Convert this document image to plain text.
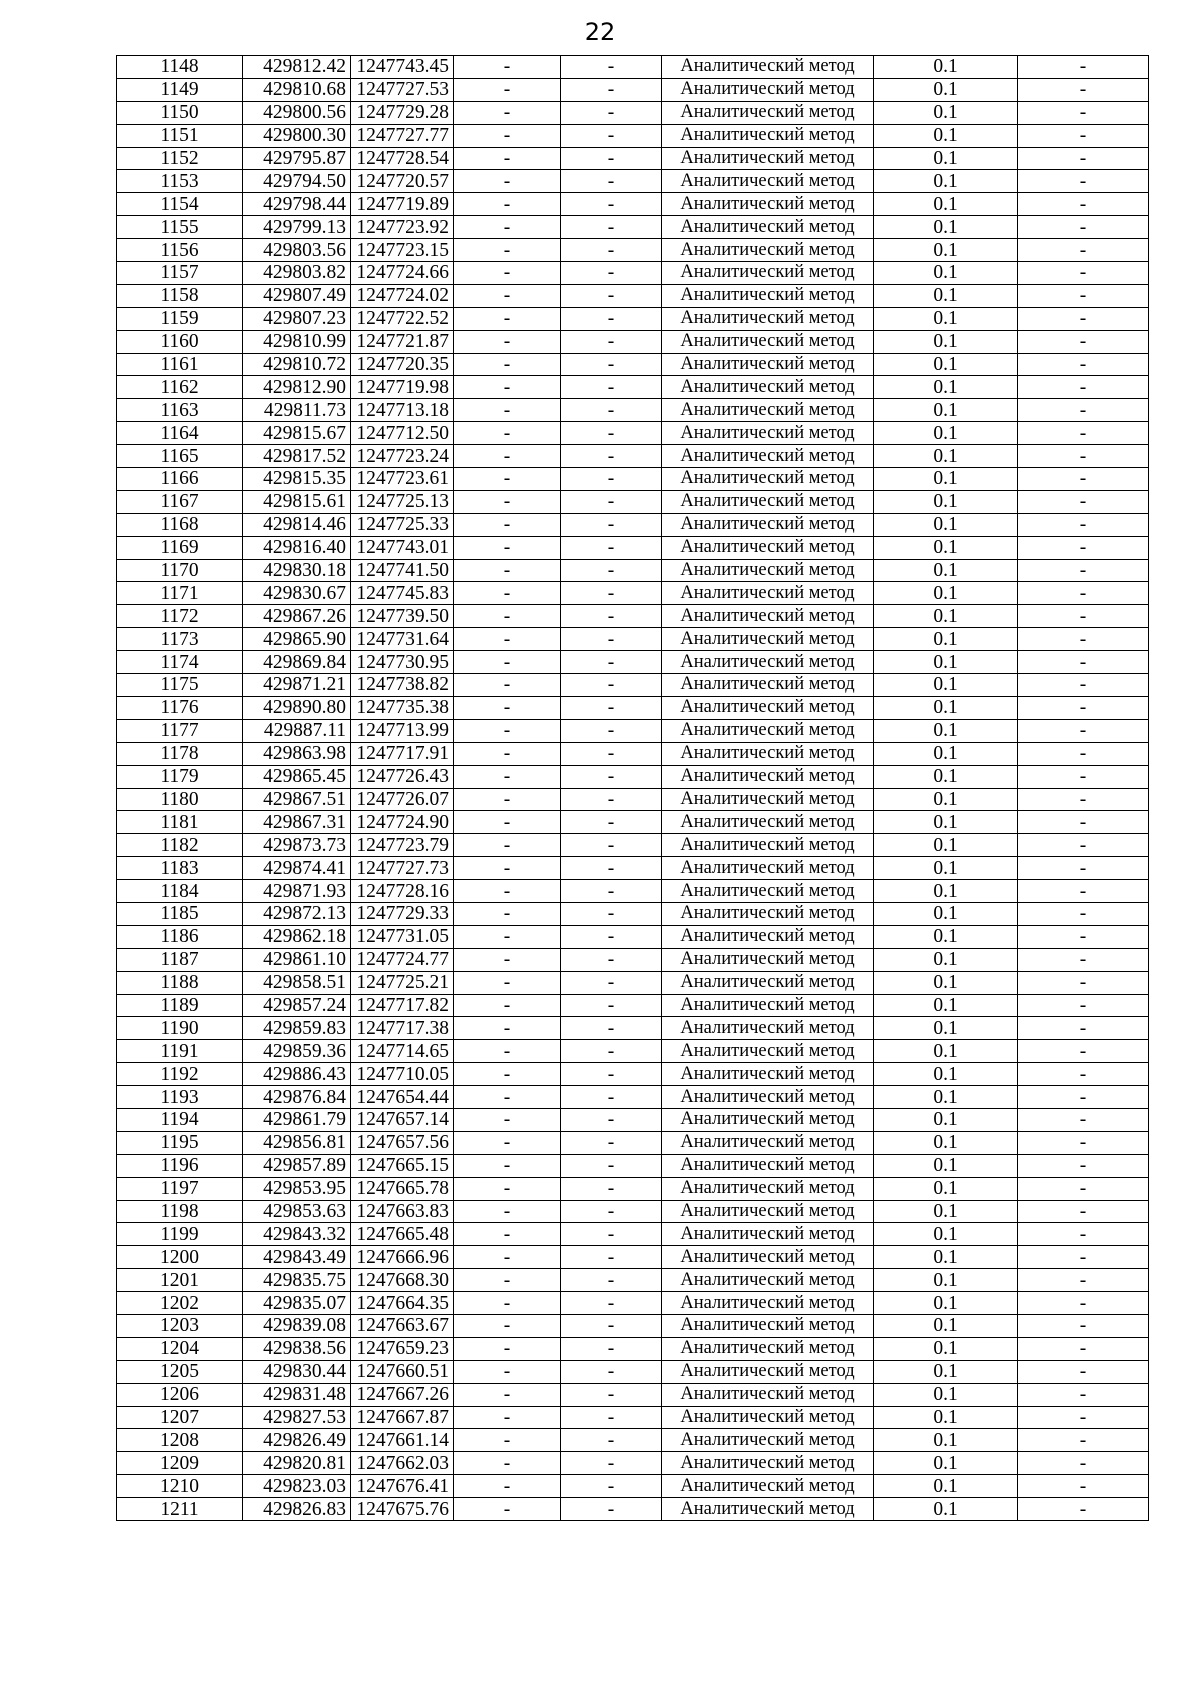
22
1148	429812.42	1247743.45	-	-	Аналитический метод	0.1	-
1149	429810.68	1247727.53	-	-	Аналитический метод	0.1	-
1150	429800.56	1247729.28	-	-	Аналитический метод	0.1	-
1151	429800.30	1247727.77	-	-	Аналитический метод	0.1	-
1152	429795.87	1247728.54	-	-	Аналитический метод	0.1	-
1153	429794.50	1247720.57	-	-	Аналитический метод	0.1	-
1154	429798.44	1247719.89	-	-	Аналитический метод	0.1	-
1155	429799.13	1247723.92	-	-	Аналитический метод	0.1	-
1156	429803.56	1247723.15	-	-	Аналитический метод	0.1	-
1157	429803.82	1247724.66	-	-	Аналитический метод	0.1	-
1158	429807.49	1247724.02	-	-	Аналитический метод	0.1	-
1159	429807.23	1247722.52	-	-	Аналитический метод	0.1	-
1160	429810.99	1247721.87	-	-	Аналитический метод	0.1	-
1161	429810.72	1247720.35	-	-	Аналитический метод	0.1	-
1162	429812.90	1247719.98	-	-	Аналитический метод	0.1	-
1163	429811.73	1247713.18	-	-	Аналитический метод	0.1	-
1164	429815.67	1247712.50	-	-	Аналитический метод	0.1	-
1165	429817.52	1247723.24	-	-	Аналитический метод	0.1	-
1166	429815.35	1247723.61	-	-	Аналитический метод	0.1	-
1167	429815.61	1247725.13	-	-	Аналитический метод	0.1	-
1168	429814.46	1247725.33	-	-	Аналитический метод	0.1	-
1169	429816.40	1247743.01	-	-	Аналитический метод	0.1	-
1170	429830.18	1247741.50	-	-	Аналитический метод	0.1	-
1171	429830.67	1247745.83	-	-	Аналитический метод	0.1	-
1172	429867.26	1247739.50	-	-	Аналитический метод	0.1	-
1173	429865.90	1247731.64	-	-	Аналитический метод	0.1	-
1174	429869.84	1247730.95	-	-	Аналитический метод	0.1	-
1175	429871.21	1247738.82	-	-	Аналитический метод	0.1	-
1176	429890.80	1247735.38	-	-	Аналитический метод	0.1	-
1177	429887.11	1247713.99	-	-	Аналитический метод	0.1	-
1178	429863.98	1247717.91	-	-	Аналитический метод	0.1	-
1179	429865.45	1247726.43	-	-	Аналитический метод	0.1	-
1180	429867.51	1247726.07	-	-	Аналитический метод	0.1	-
1181	429867.31	1247724.90	-	-	Аналитический метод	0.1	-
1182	429873.73	1247723.79	-	-	Аналитический метод	0.1	-
1183	429874.41	1247727.73	-	-	Аналитический метод	0.1	-
1184	429871.93	1247728.16	-	-	Аналитический метод	0.1	-
1185	429872.13	1247729.33	-	-	Аналитический метод	0.1	-
1186	429862.18	1247731.05	-	-	Аналитический метод	0.1	-
1187	429861.10	1247724.77	-	-	Аналитический метод	0.1	-
1188	429858.51	1247725.21	-	-	Аналитический метод	0.1	-
1189	429857.24	1247717.82	-	-	Аналитический метод	0.1	-
1190	429859.83	1247717.38	-	-	Аналитический метод	0.1	-
1191	429859.36	1247714.65	-	-	Аналитический метод	0.1	-
1192	429886.43	1247710.05	-	-	Аналитический метод	0.1	-
1193	429876.84	1247654.44	-	-	Аналитический метод	0.1	-
1194	429861.79	1247657.14	-	-	Аналитический метод	0.1	-
1195	429856.81	1247657.56	-	-	Аналитический метод	0.1	-
1196	429857.89	1247665.15	-	-	Аналитический метод	0.1	-
1197	429853.95	1247665.78	-	-	Аналитический метод	0.1	-
1198	429853.63	1247663.83	-	-	Аналитический метод	0.1	-
1199	429843.32	1247665.48	-	-	Аналитический метод	0.1	-
1200	429843.49	1247666.96	-	-	Аналитический метод	0.1	-
1201	429835.75	1247668.30	-	-	Аналитический метод	0.1	-
1202	429835.07	1247664.35	-	-	Аналитический метод	0.1	-
1203	429839.08	1247663.67	-	-	Аналитический метод	0.1	-
1204	429838.56	1247659.23	-	-	Аналитический метод	0.1	-
1205	429830.44	1247660.51	-	-	Аналитический метод	0.1	-
1206	429831.48	1247667.26	-	-	Аналитический метод	0.1	-
1207	429827.53	1247667.87	-	-	Аналитический метод	0.1	-
1208	429826.49	1247661.14	-	-	Аналитический метод	0.1	-
1209	429820.81	1247662.03	-	-	Аналитический метод	0.1	-
1210	429823.03	1247676.41	-	-	Аналитический метод	0.1	-
1211	429826.83	1247675.76	-	-	Аналитический метод	0.1	-
